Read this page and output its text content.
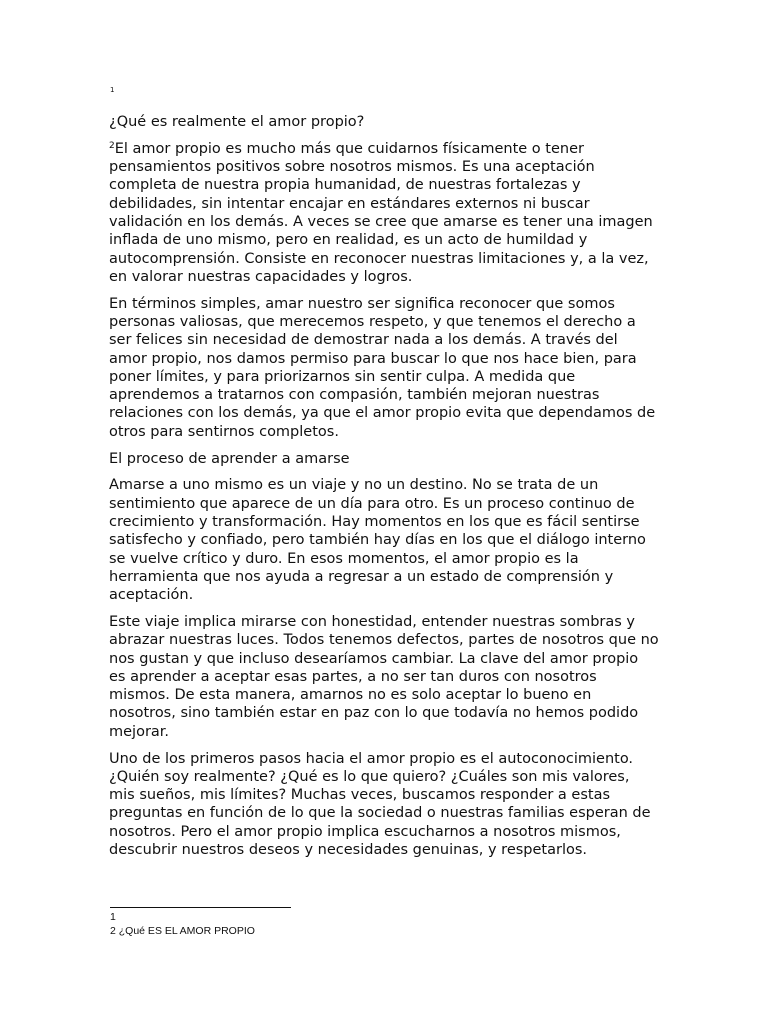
1

¿Qué es realmente el amor propio?

$^2$El amor propio es mucho más que cuidarnos físicamente o tener pensamientos positivos sobre nosotros mismos. Es una aceptación completa de nuestra propia humanidad, de nuestras fortalezas y debilidades, sin intentar encajar en estándares externos ni buscar validación en los demás. A veces se cree que amarse es tener una imagen inflada de uno mismo, pero en realidad, es un acto de humildad y autocomprensión. Consiste en reconocer nuestras limitaciones y, a la vez, en valorar nuestras capacidades y logros.

En términos simples, amar nuestro ser significa reconocer que somos personas valiosas, que merecemos respeto, y que tenemos el derecho a ser felices sin necesidad de demostrar nada a los demás. A través del amor propio, nos damos permiso para buscar lo que nos hace bien, para poner límites, y para priorizarnos sin sentir culpa. A medida que aprendemos a tratarnos con compasión, también mejoran nuestras relaciones con los demás, ya que el amor propio evita que dependamos de otros para sentirnos completos.

El proceso de aprender a amarse

Amarse a uno mismo es un viaje y no un destino. No se trata de un sentimiento que aparece de un día para otro. Es un proceso continuo de crecimiento y transformación. Hay momentos en los que es fácil sentirse satisfecho y confiado, pero también hay días en los que el diálogo interno se vuelve crítico y duro. En esos momentos, el amor propio es la herramienta que nos ayuda a regresar a un estado de comprensión y aceptación.

Este viaje implica mirarse con honestidad, entender nuestras sombras y abrazar nuestras luces. Todos tenemos defectos, partes de nosotros que no nos gustan y que incluso desearíamos cambiar. La clave del amor propio es aprender a aceptar esas partes, a no ser tan duros con nosotros mismos. De esta manera, amarnos no es solo aceptar lo bueno en nosotros, sino también estar en paz con lo que todavía no hemos podido mejorar.

Uno de los primeros pasos hacia el amor propio es el autoconocimiento. ¿Quién soy realmente? ¿Qué es lo que quiero? ¿Cuáles son mis valores, mis sueños, mis límites? Muchas veces, buscamos responder a estas preguntas en función de lo que la sociedad o nuestras familias esperan de nosotros. Pero el amor propio implica escucharnos a nosotros mismos, descubrir nuestros deseos y necesidades genuinas, y respetarlos.

1
2 ¿Qué ES EL AMOR PROPIO
